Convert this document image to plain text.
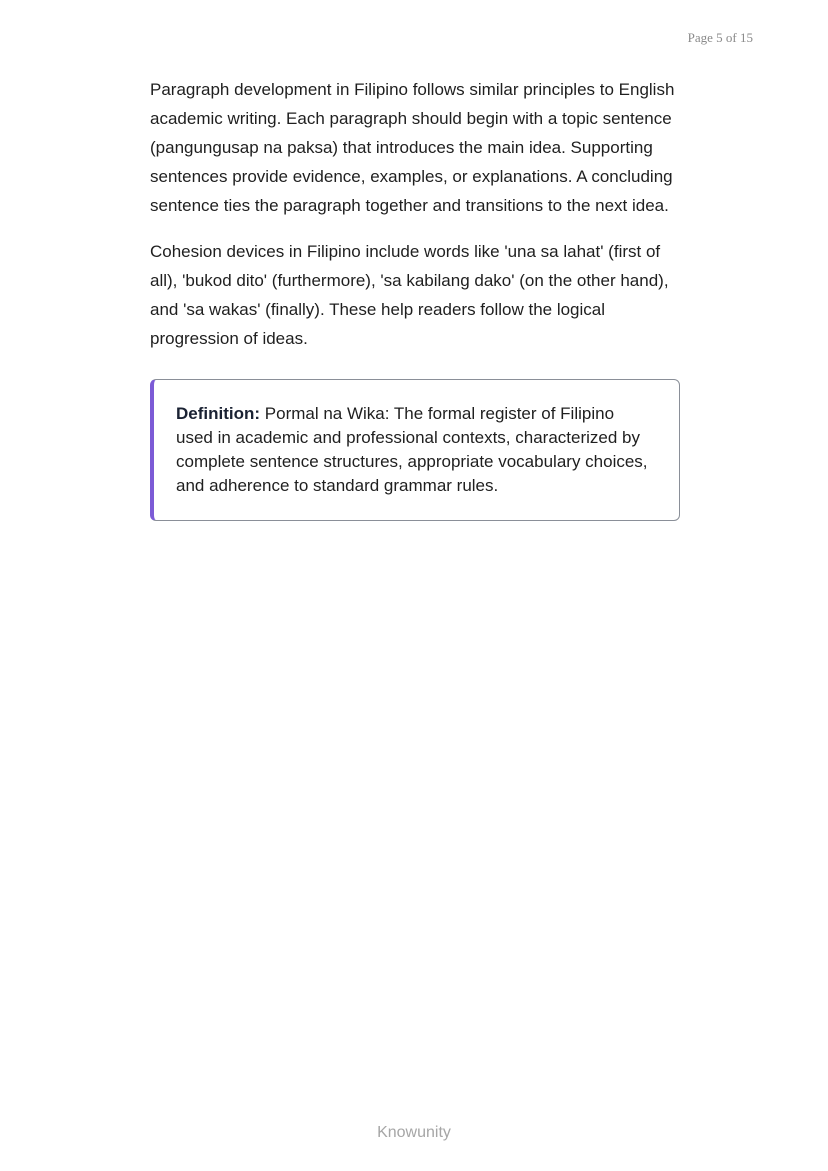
Page 5 of 15

Paragraph development in Filipino follows similar principles to English academic writing. Each paragraph should begin with a topic sentence (pangungusap na paksa) that introduces the main idea. Supporting sentences provide evidence, examples, or explanations. A concluding sentence ties the paragraph together and transitions to the next idea.

Cohesion devices in Filipino include words like 'una sa lahat' (first of all), 'bukod dito' (furthermore), 'sa kabilang dako' (on the other hand), and 'sa wakas' (finally). These help readers follow the logical progression of ideas.

Definition: Pormal na Wika: The formal register of Filipino used in academic and professional contexts, characterized by complete sentence structures, appropriate vocabulary choices, and adherence to standard grammar rules.

Knowunity
